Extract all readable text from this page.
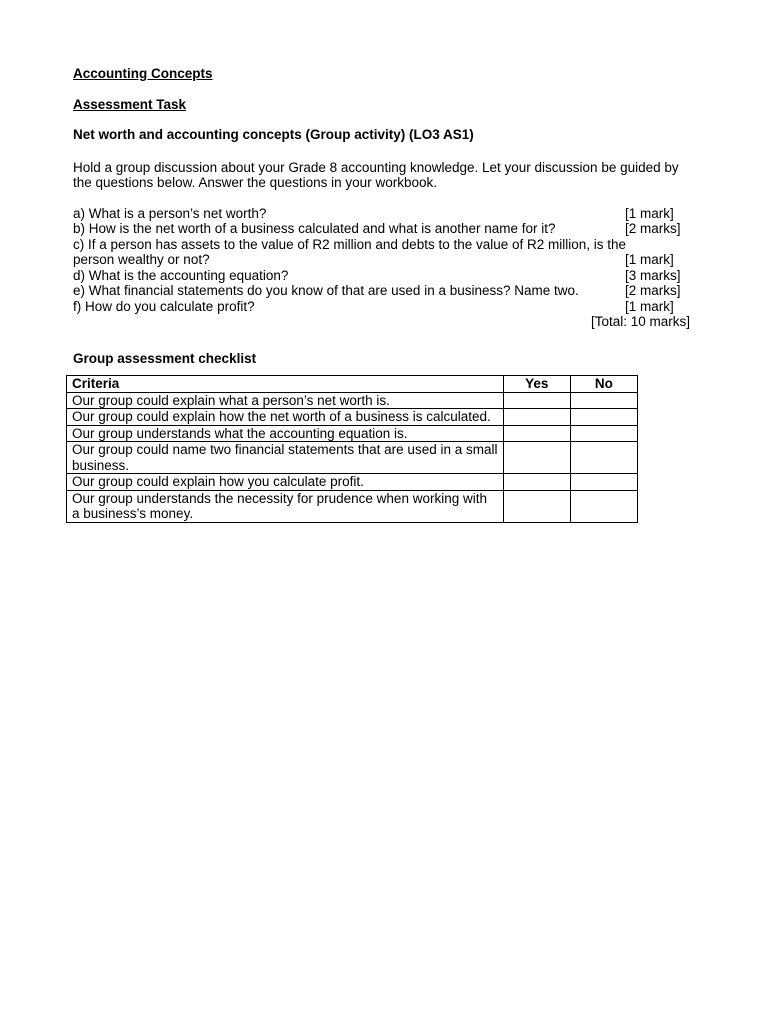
Accounting Concepts

Assessment Task

Net worth and accounting concepts (Group activity) (LO3 AS1)

Hold a group discussion about your Grade 8 accounting knowledge. Let your discussion be guided by the questions below. Answer the questions in your workbook.

a) What is a person’s net worth?	[1 mark]
b) How is the net worth of a business calculated and what is another name for it?	[2 marks]
c) If a person has assets to the value of R2 million and debts to the value of R2 million, is the
person wealthy or not?	[1 mark]
d) What is the accounting equation?	[3 marks]
e) What financial statements do you know of that are used in a business? Name two.	[2 marks]
f) How do you calculate profit?	[1 mark]
[Total: 10 marks]

Group assessment checklist

Criteria	Yes	No
Our group could explain what a person’s net worth is.		
Our group could explain how the net worth of a business is calculated.		
Our group understands what the accounting equation is.		
Our group could name two financial statements that are used in a small business.		
Our group could explain how you calculate profit.		
Our group understands the necessity for prudence when working with a business’s money.		
